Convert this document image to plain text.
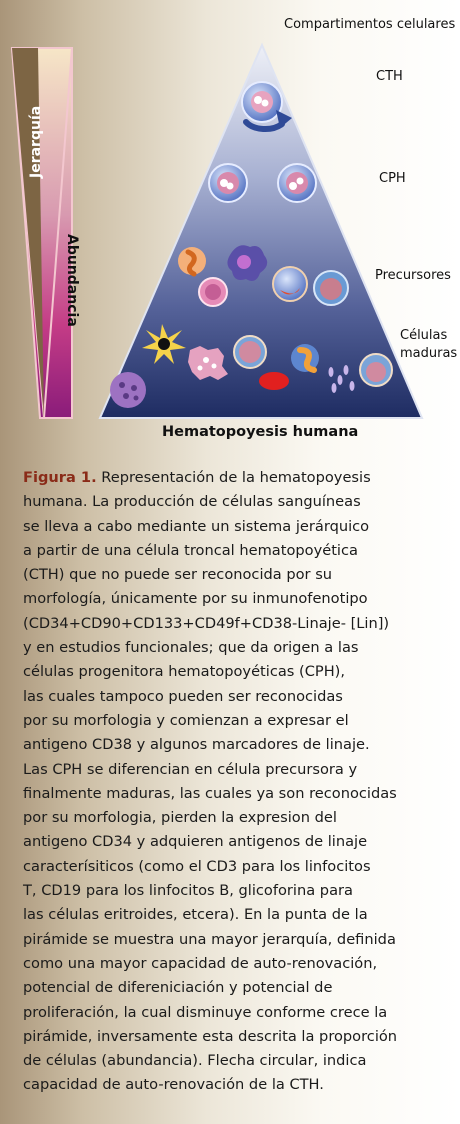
Jerarquía
Abundancia
Compartimentos celulares
CTH
CPH
Precursores
Células
maduras
Hematopoyesis humana
Figura 1. Representación de la hematopoyesis
humana. La producción de células sanguíneas
se lleva a cabo mediante un sistema jerárquico
a partir de una célula troncal hematopoyética
(CTH) que no puede ser reconocida por su
morfología, únicamente por su inmunofenotipo
(CD34+CD90+CD133+CD49f+CD38-Linaje- [Lin])
y en estudios funcionales; que da origen a las
células progenitora hematopoyéticas (CPH),
las cuales tampoco pueden ser reconocidas
por su morfologia y comienzan a expresar el
antigeno CD38 y algunos marcadores de linaje.
Las CPH se diferencian en célula precursora y
finalmente maduras, las cuales ya son reconocidas
por su morfologia, pierden la expresion del
antigeno CD34 y adquieren antigenos de linaje
caracterísiticos (como el CD3 para los linfocitos
T, CD19 para los linfocitos B, glicoforina para
las células eritroides, etcera). En la punta de la
pirámide se muestra una mayor jerarquía, definida
como una mayor capacidad de auto-renovación,
potencial de difereniciación y potencial de
proliferación, la cual disminuye conforme crece la
pirámide, inversamente esta descrita la proporción
de células (abundancia). Flecha circular, indica
capacidad de auto-renovación de la CTH.
